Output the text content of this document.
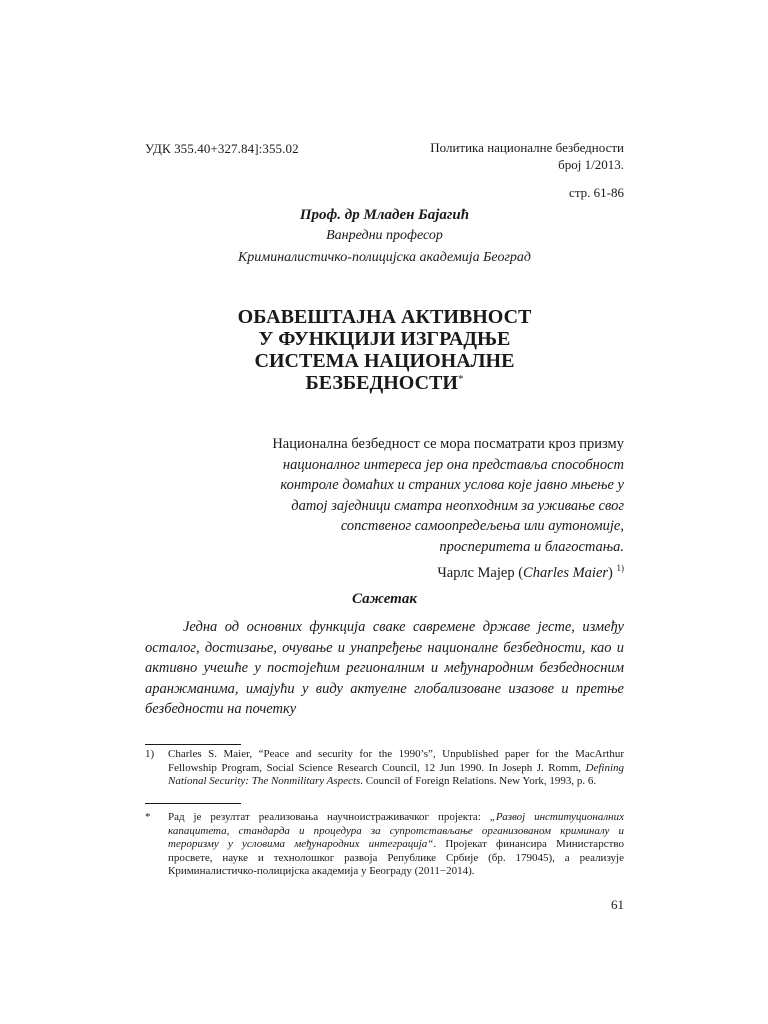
УДК 355.40+327.84]:355.02	Политика националне безбедности
број 1/2013.
стр. 61-86
Проф. др Младен Бајагић
Ванредни професор
Криминалистичко-полицијска академија Београд
ОБАВЕШТАЈНА АКТИВНОСТ
У ФУНКЦИЈИ ИЗГРАДЊЕ
СИСТЕМА НАЦИОНАЛНЕ
БЕЗБЕДНОСТИ*
Национална безбедност се мора посматрати кроз призму
националног интереса јер она представља способност
контроле домаћих и страних услова које јавно мњење у
датој заједници сматра неопходним за уживање свог
сопственог самоопредељења или аутономије,
просперитета и благостања.
Чарлс Мајер (Charles Maier) $^{1)}$
Сажетак

Једна од основних функција сваке савремене државе јесте, између осталог, достизање, очување и унапређење националне безбедности, као и активно учешће у постојећим регионалним и међународним безбедносним аранжманима, имајући у виду актуелне глобализоване изазове и претње безбедности на почетку

1) Charles S. Maier, “Peace and security for the 1990’s”, Unpublished paper for the MacArthur Fellowship Program, Social Science Research Council, 12 Jun 1990. In Joseph J. Romm, Defining National Security: The Nonmilitary Aspects. Council of Foreign Relations. New York, 1993, p. 6.
* Рад је резултат реализовања научноистраживачког пројекта: „Развој институционалних капацитета, стандарда и процедура за супротстављање организованом криминалу и тероризму у условима међународних интеграција“. Пројекат финансира Министарство просвете, науке и технолошког развоја Републике Србије (бр. 179045), а реализује Криминалистичко-полицијска академија у Београду (2011−2014).
61
